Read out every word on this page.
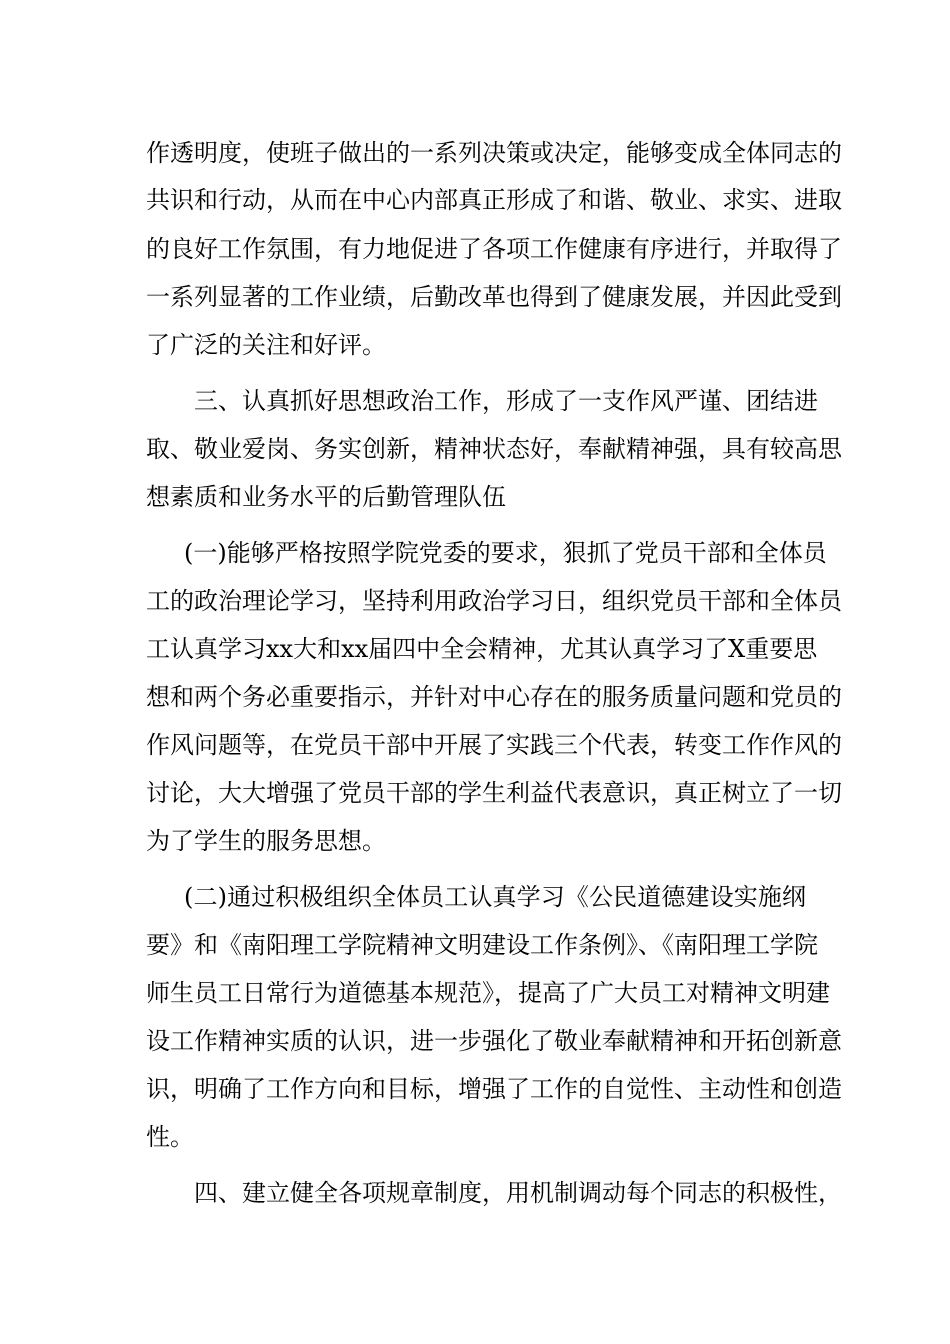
作透明度，使班子做出的一系列决策或决定，能够变成全体同志的
共识和行动，从而在中心内部真正形成了和谐、敬业、求实、进取
的良好工作氛围，有力地促进了各项工作健康有序进行，并取得了
一系列显著的工作业绩，后勤改革也得到了健康发展，并因此受到
了广泛的关注和好评。
三、认真抓好思想政治工作，形成了一支作风严谨、团结进
取、敬业爱岗、务实创新，精神状态好，奉献精神强，具有较高思
想素质和业务水平的后勤管理队伍
(一)能够严格按照学院党委的要求，狠抓了党员干部和全体员
工的政治理论学习，坚持利用政治学习日，组织党员干部和全体员
工认真学习xx大和xx届四中全会精神，尤其认真学习了X重要思
想和两个务必重要指示，并针对中心存在的服务质量问题和党员的
作风问题等，在党员干部中开展了实践三个代表，转变工作作风的
讨论，大大增强了党员干部的学生利益代表意识，真正树立了一切
为了学生的服务思想。
(二)通过积极组织全体员工认真学习《公民道德建设实施纲
要》和《南阳理工学院精神文明建设工作条例》、《南阳理工学院
师生员工日常行为道德基本规范》，提高了广大员工对精神文明建
设工作精神实质的认识，进一步强化了敬业奉献精神和开拓创新意
识，明确了工作方向和目标，增强了工作的自觉性、主动性和创造
性。
四、建立健全各项规章制度，用机制调动每个同志的积极性，
